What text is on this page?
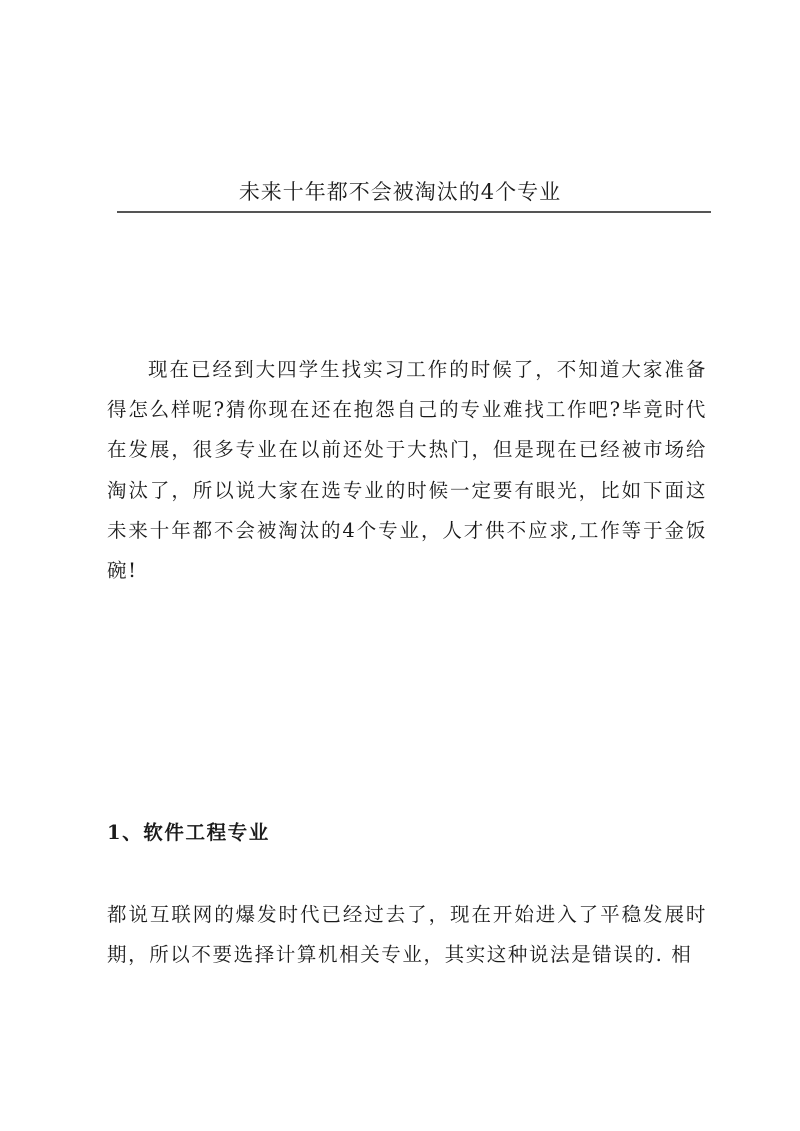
未来十年都不会被淘汰的4个专业

现在已经到大四学生找实习工作的时候了，不知道大家准备得怎么样呢?猜你现在还在抱怨自己的专业难找工作吧?毕竟时代在发展，很多专业在以前还处于大热门，但是现在已经被市场给淘汰了，所以说大家在选专业的时候一定要有眼光，比如下面这未来十年都不会被淘汰的4个专业，人才供不应求,工作等于金饭碗!

1、软件工程专业

都说互联网的爆发时代已经过去了，现在开始进入了平稳发展时期，所以不要选择计算机相关专业，其实这种说法是错误的. 相
